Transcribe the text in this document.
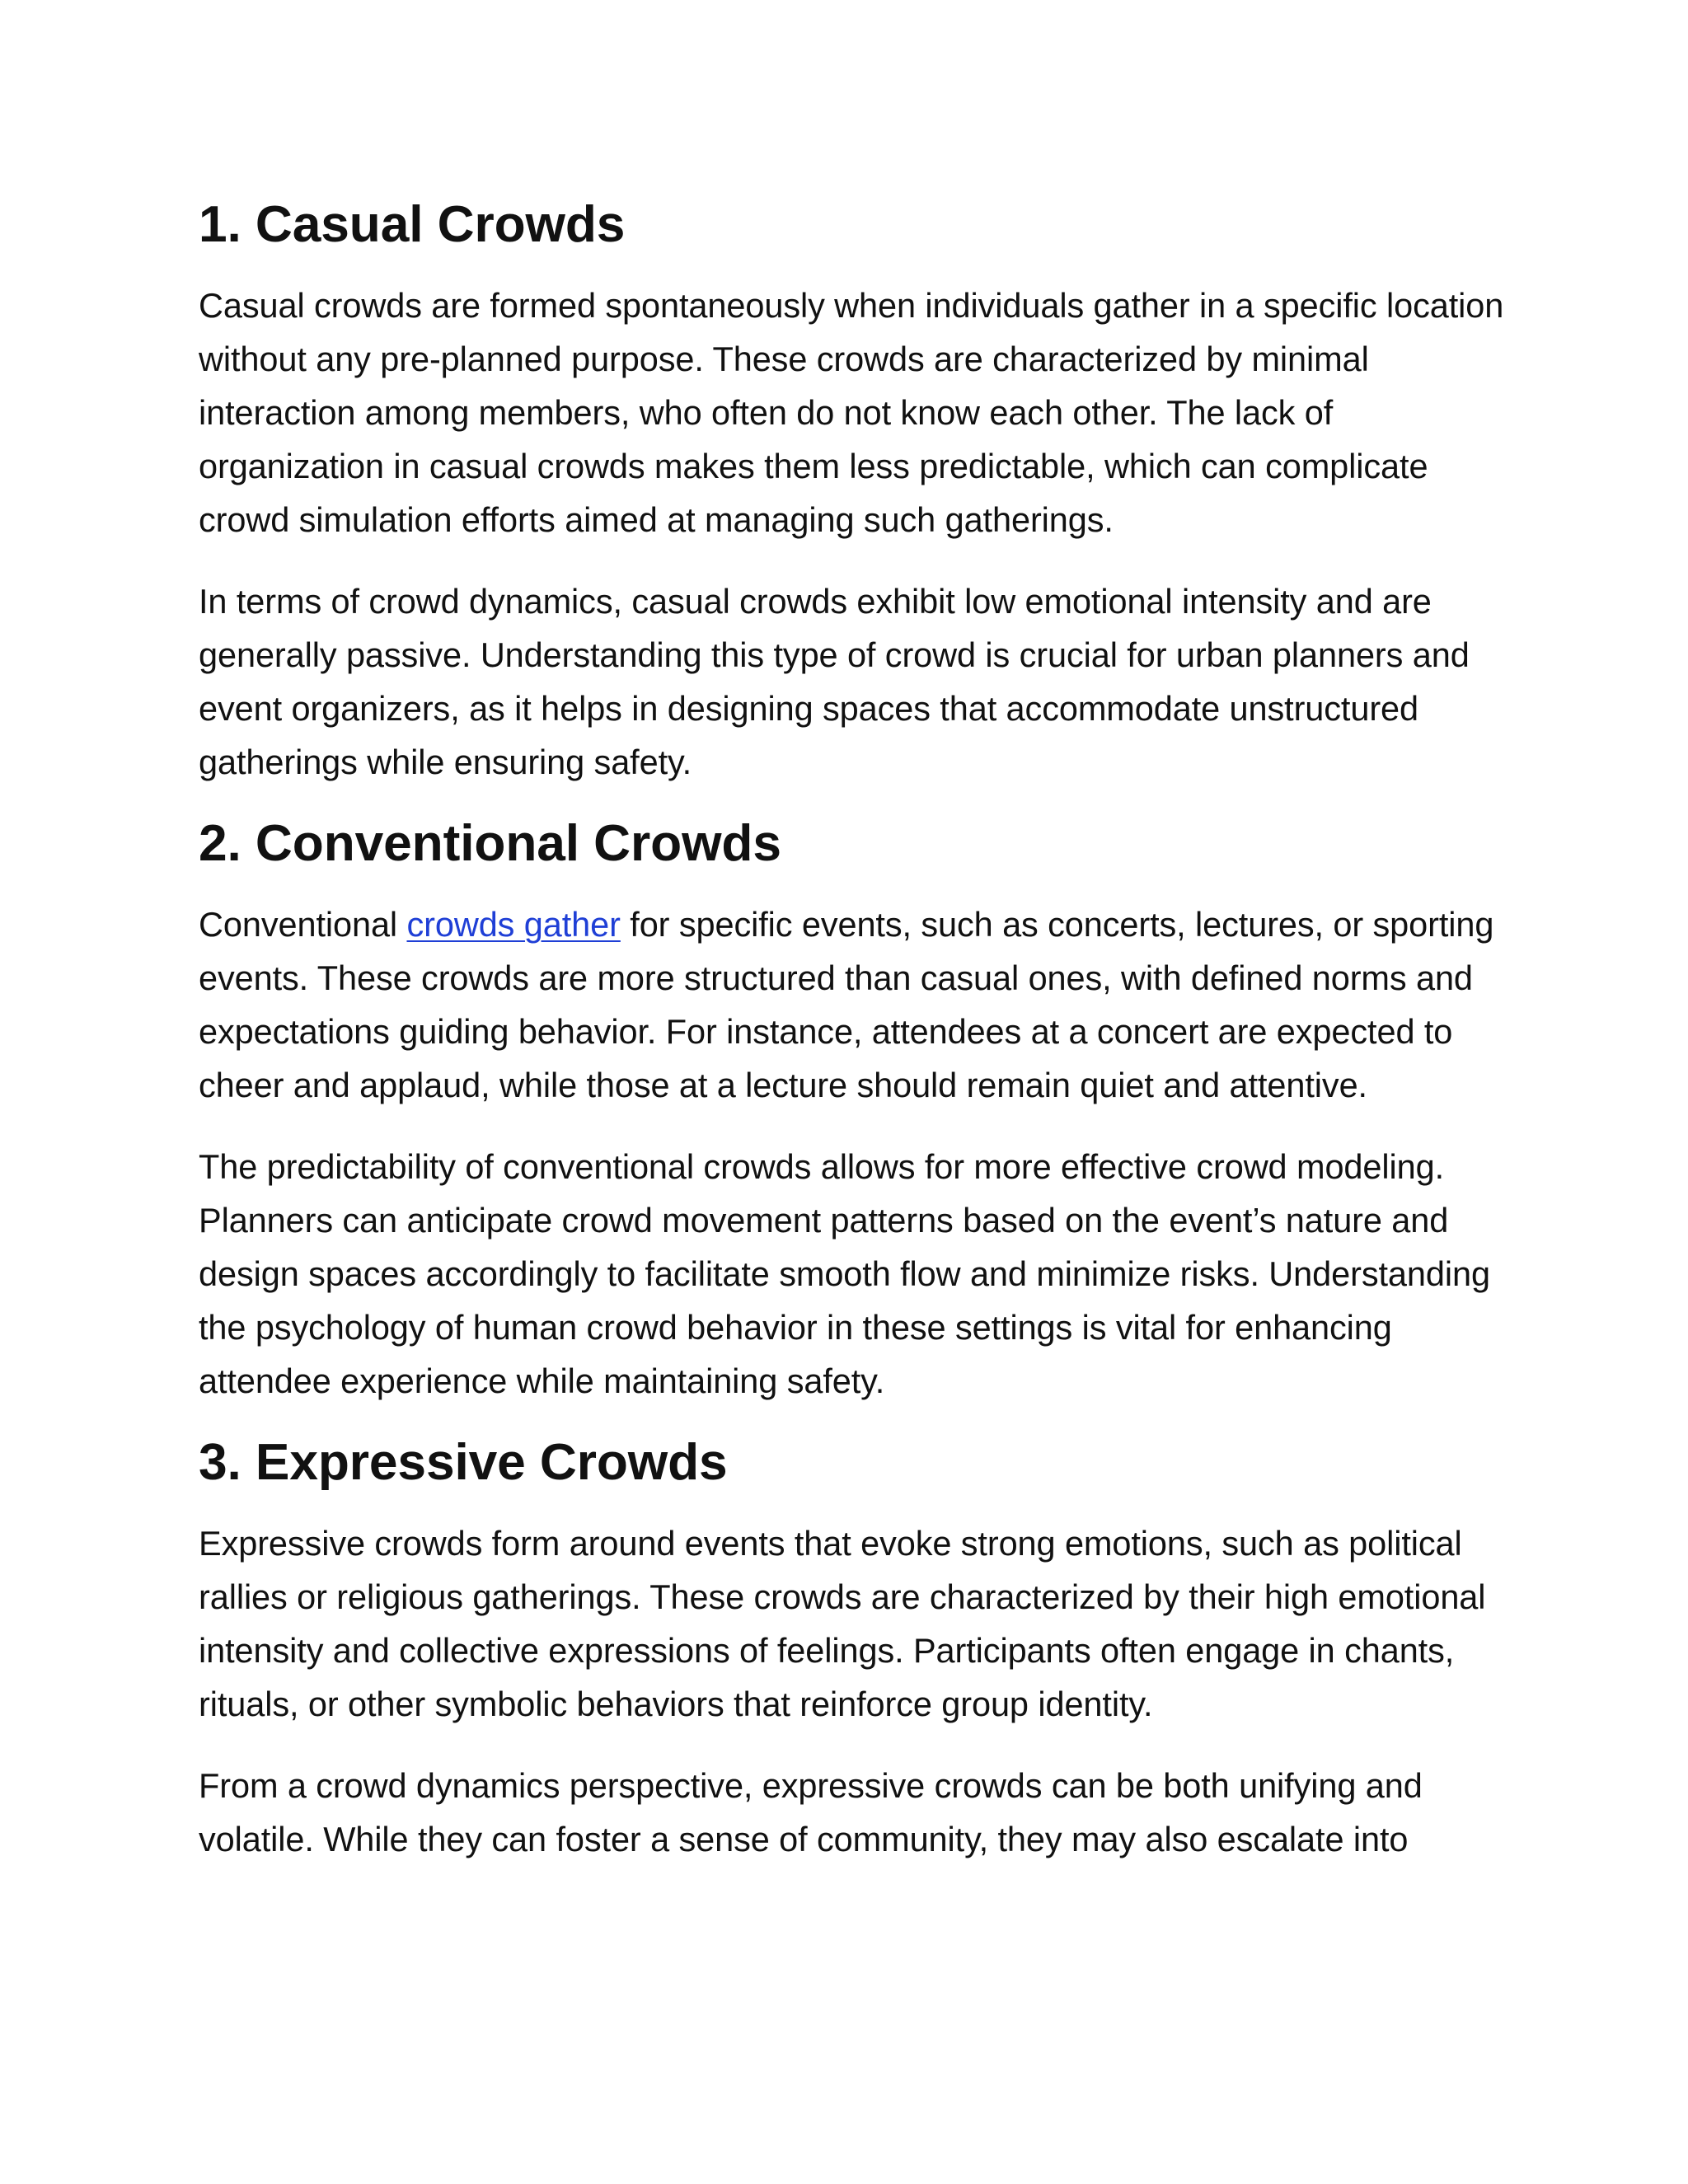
1. Casual Crowds

Casual crowds are formed spontaneously when individuals gather in a specific location without any pre-planned purpose. These crowds are characterized by minimal interaction among members, who often do not know each other. The lack of organization in casual crowds makes them less predictable, which can complicate crowd simulation efforts aimed at managing such gatherings.

In terms of crowd dynamics, casual crowds exhibit low emotional intensity and are generally passive. Understanding this type of crowd is crucial for urban planners and event organizers, as it helps in designing spaces that accommodate unstructured gatherings while ensuring safety.

2. Conventional Crowds

Conventional crowds gather for specific events, such as concerts, lectures, or sporting events. These crowds are more structured than casual ones, with defined norms and expectations guiding behavior. For instance, attendees at a concert are expected to cheer and applaud, while those at a lecture should remain quiet and attentive.

The predictability of conventional crowds allows for more effective crowd modeling. Planners can anticipate crowd movement patterns based on the event’s nature and design spaces accordingly to facilitate smooth flow and minimize risks. Understanding the psychology of human crowd behavior in these settings is vital for enhancing attendee experience while maintaining safety.

3. Expressive Crowds

Expressive crowds form around events that evoke strong emotions, such as political rallies or religious gatherings. These crowds are characterized by their high emotional intensity and collective expressions of feelings. Participants often engage in chants, rituals, or other symbolic behaviors that reinforce group identity.

From a crowd dynamics perspective, expressive crowds can be both unifying and volatile. While they can foster a sense of community, they may also escalate into
